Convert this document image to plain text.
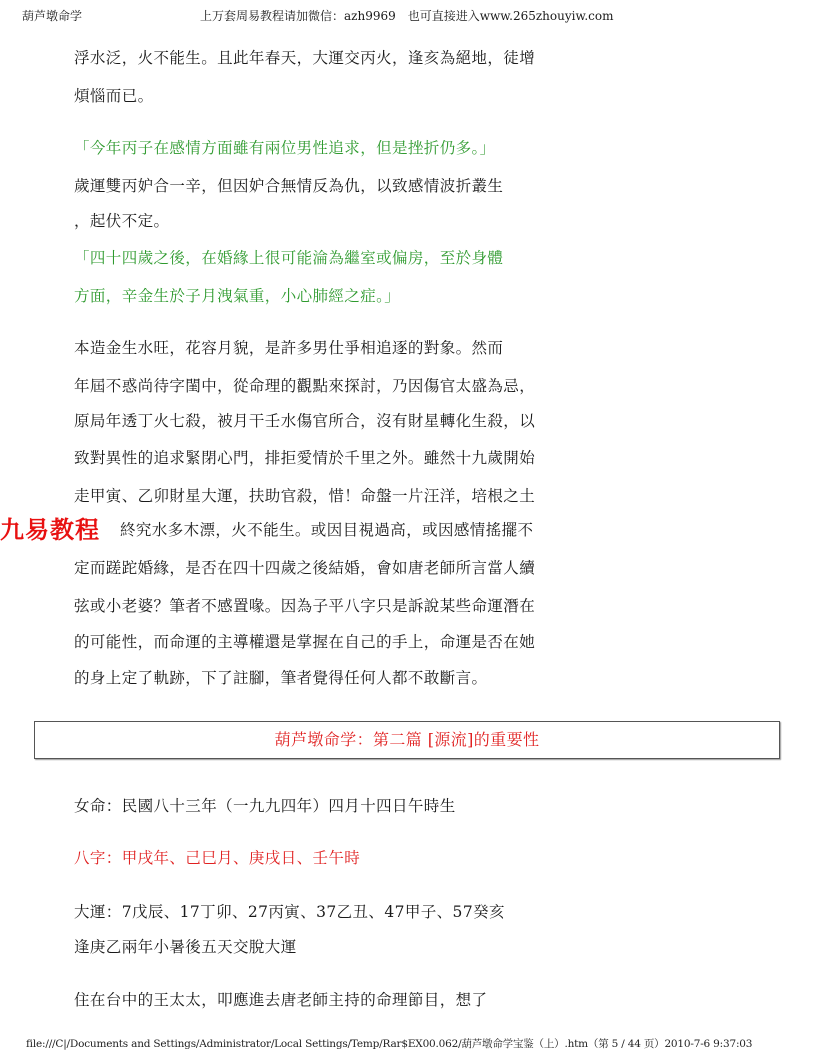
葫芦墩命学	上万套周易教程请加微信：azh9969　也可直接进入www.265zhouyiw.com
浮水泛，火不能生。且此年春天，大運交丙火，逢亥為絕地，徒增
煩惱而已。
「今年丙子在感情方面雖有兩位男性追求，但是挫折仍多。」
歲運雙丙妒合一辛，但因妒合無情反為仇，以致感情波折叢生
，起伏不定。
「四十四歲之後，在婚緣上很可能淪為繼室或偏房，至於身體
方面，辛金生於子月洩氣重，小心肺經之症。」
本造金生水旺，花容月貌，是許多男仕爭相追逐的對象。然而
年屆不惑尚待字閨中，從命理的觀點來探討，乃因傷官太盛為忌，
原局年透丁火七殺，被月干壬水傷官所合，沒有財星轉化生殺，以
致對異性的追求緊閉心門，排拒愛情於千里之外。雖然十九歲開始
走甲寅、乙卯財星大運，扶助官殺，惜！命盤一片汪洋，培根之土
九易教程 終究水多木漂，火不能生。或因目視過高，或因感情搖擺不
定而蹉跎婚緣，是否在四十四歲之後結婚，會如唐老師所言當人續
弦或小老婆？筆者不感置喙。因為子平八字只是訴說某些命運潛在
的可能性，而命運的主導權還是掌握在自己的手上，命運是否在她
的身上定了軌跡，下了註腳，筆者覺得任何人都不敢斷言。
葫芦墩命学：第二篇 [源流]的重要性
女命：民國八十三年（一九九四年）四月十四日午時生
八字：甲戌年、己巳月、庚戌日、壬午時
大運：7戊辰、17丁卯、27丙寅、37乙丑、47甲子、57癸亥
逢庚乙兩年小暑後五天交脫大運
住在台中的王太太，叩應進去唐老師主持的命理節目，想了
file:///C|/Documents and Settings/Administrator/Local Settings/Temp/Rar$EX00.062/葫芦墩命学宝鉴（上）.htm（第 5 / 44 页）2010-7-6 9:37:03
